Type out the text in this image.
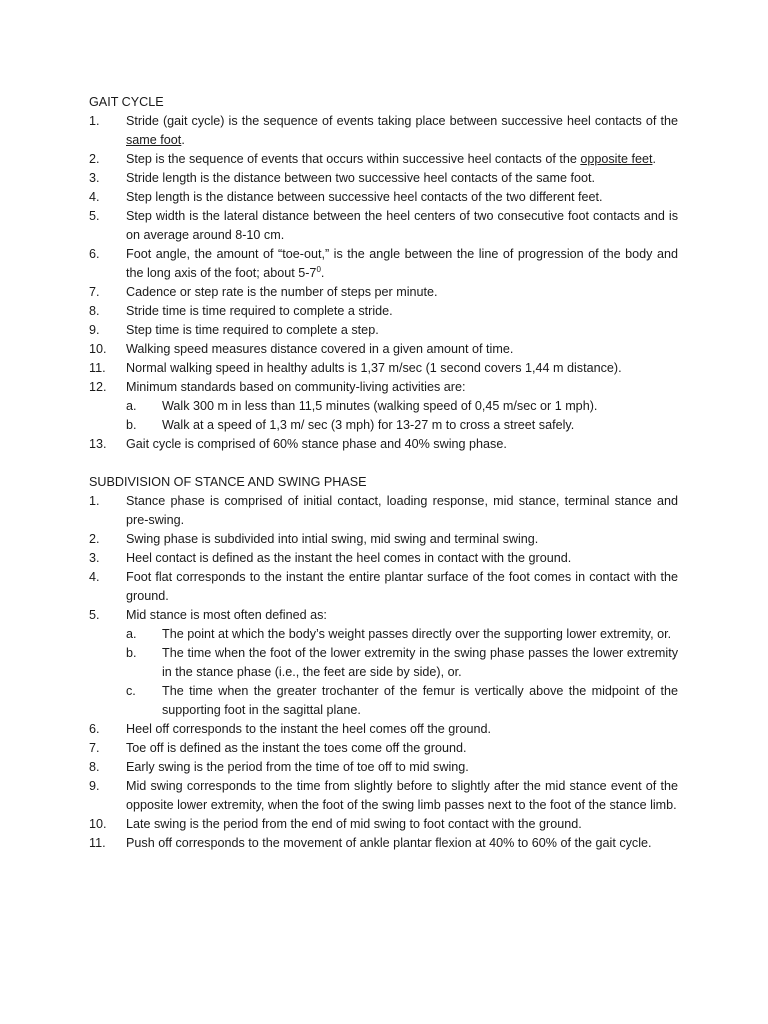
GAIT CYCLE
1. Stride (gait cycle) is the sequence of events taking place between successive heel contacts of the same foot.
2. Step is the sequence of events that occurs within successive heel contacts of the opposite feet.
3. Stride length is the distance between two successive heel contacts of the same foot.
4. Step length is the distance between successive heel contacts of the two different feet.
5. Step width is the lateral distance between the heel centers of two consecutive foot contacts and is on average around 8-10 cm.
6. Foot angle, the amount of “toe-out,” is the angle between the line of progression of the body and the long axis of the foot; about $5-7^0$.
7. Cadence or step rate is the number of steps per minute.
8. Stride time is time required to complete a stride.
9. Step time is time required to complete a step.
10. Walking speed measures distance covered in a given amount of time.
11. Normal walking speed in healthy adults is 1,37 m/sec (1 second covers 1,44 m distance).
12. Minimum standards based on community-living activities are:
a. Walk 300 m in less than 11,5 minutes (walking speed of 0,45 m/sec or 1 mph).
b. Walk at a speed of 1,3 m/ sec (3 mph) for 13-27 m to cross a street safely.
13. Gait cycle is comprised of 60% stance phase and 40% swing phase.
SUBDIVISION OF STANCE AND SWING PHASE
1. Stance phase is comprised of initial contact, loading response, mid stance, terminal stance and pre-swing.
2. Swing phase is subdivided into intial swing, mid swing and terminal swing.
3. Heel contact is defined as the instant the heel comes in contact with the ground.
4. Foot flat corresponds to the instant the entire plantar surface of the foot comes in contact with the ground.
5. Mid stance is most often defined as:
a. The point at which the body’s weight passes directly over the supporting lower extremity, or.
b. The time when the foot of the lower extremity in the swing phase passes the lower extremity in the stance phase (i.e., the feet are side by side), or.
c. The time when the greater trochanter of the femur is vertically above the midpoint of the supporting foot in the sagittal plane.
6. Heel off corresponds to the instant the heel comes off the ground.
7. Toe off is defined as the instant the toes come off the ground.
8. Early swing is the period from the time of toe off to mid swing.
9. Mid swing corresponds to the time from slightly before to slightly after the mid stance event of the opposite lower extremity, when the foot of the swing limb passes next to the foot of the stance limb.
10. Late swing is the period from the end of mid swing to foot contact with the ground.
11. Push off corresponds to the movement of ankle plantar flexion at 40% to 60% of the gait cycle.
